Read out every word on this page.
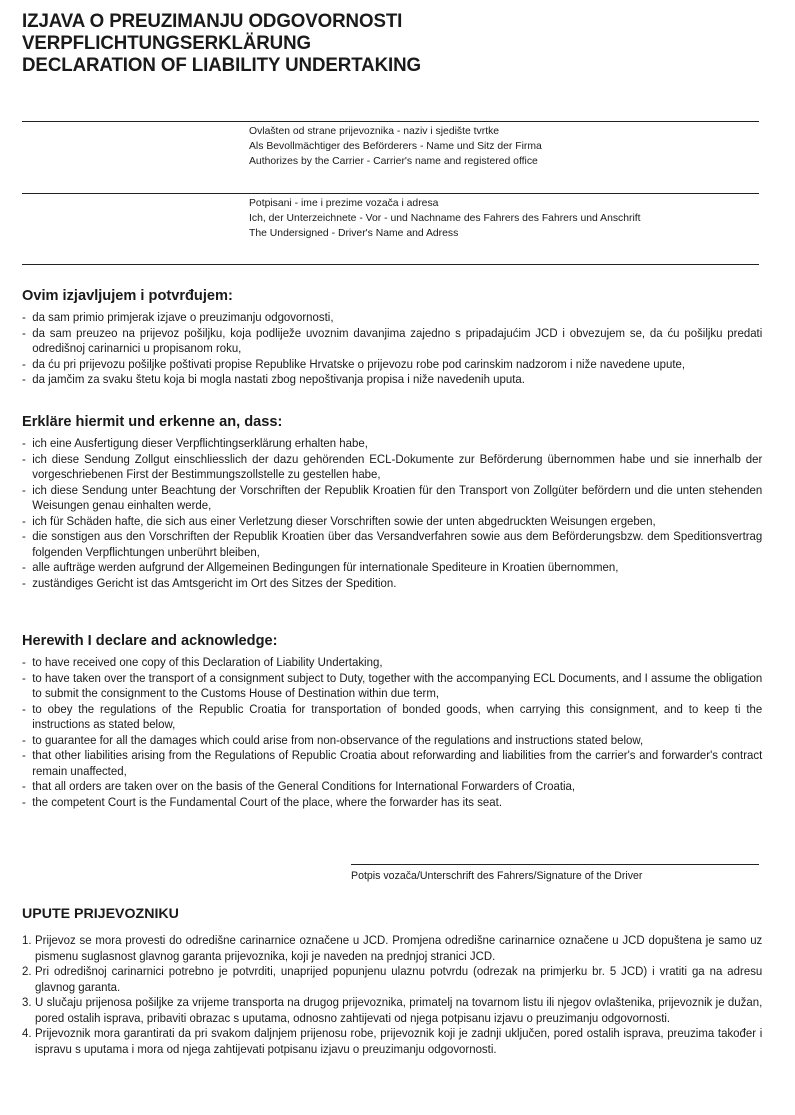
IZJAVA O PREUZIMANJU ODGOVORNOSTI
VERPFLICHTUNGSERKLÄRUNG
DECLARATION OF LIABILITY UNDERTAKING
Ovlašten od strane prijevoznika - naziv i sjedište tvrtke
Als Bevollmächtiger des Beförderers - Name und Sitz der Firma
Authorizes by the Carrier - Carrier's name and registered office
Potpisani - ime i prezime vozača i adresa
Ich, der Unterzeichnete - Vor - und Nachname des Fahrers des Fahrers und Anschrift
The Undersigned - Driver's Name and Adress
Ovim izjavljujem i potvrđujem:
- da sam primio primjerak izjave o preuzimanju odgovornosti,
- da sam preuzeo na prijevoz pošiljku, koja podliježe uvoznim davanjima zajedno s pripadajućim JCD i obvezujem se, da ću pošiljku predati odredišnoj carinarnici u propisanom roku,
- da ću pri prijevozu pošiljke poštivati propise Republike Hrvatske o prijevozu robe pod carinskim nadzorom i niže navedene upute,
- da jamčim za svaku štetu koja bi mogla nastati zbog nepoštivanja propisa i niže navedenih uputa.
Erkläre hiermit und erkenne an, dass:
- ich eine Ausfertigung dieser Verpflichtingserklärung erhalten habe,
- ich diese Sendung Zollgut einschliesslich der dazu gehörenden ECL-Dokumente zur Beförderung übernommen habe und sie innerhalb der vorgeschriebenen First der Bestimmungszollstelle zu gestellen habe,
- ich diese Sendung unter Beachtung der Vorschriften der Republik Kroatien für den Transport von Zollgüter befördern und die unten stehenden Weisungen genau einhalten werde,
- ich für Schäden hafte, die sich aus einer Verletzung dieser Vorschriften sowie der unten abgedruckten Weisungen ergeben,
- die sonstigen aus den Vorschriften der Republik Kroatien über das Versandverfahren sowie aus dem Beförderungsbzw. dem Speditionsvertrag folgenden Verpflichtungen unberührt bleiben,
- alle aufträge werden aufgrund der Allgemeinen Bedingungen für internationale Spediteure in Kroatien übernommen,
- zuständiges Gericht ist das Amtsgericht im Ort des Sitzes der Spedition.
Herewith I declare and acknowledge:
- to have received one copy of this Declaration of Liability Undertaking,
- to have taken over the transport of a consignment subject to Duty, together with the accompanying ECL Documents, and I assume the obligation to submit the consignment to the Customs House of Destination within due term,
- to obey the regulations of the Republic Croatia for transportation of bonded goods, when carrying this consignment, and to keep ti the instructions as stated below,
- to guarantee for all the damages which could arise from non-observance of the regulations and instructions stated below,
- that other liabilities arising from the Regulations of Republic Croatia about reforwarding and liabilities from the carrier's and forwarder's contract remain unaffected,
- that all orders are taken over on the basis of the General Conditions for International Forwarders of Croatia,
- the competent Court is the Fundamental Court of the place, where the forwarder has its seat.
Potpis vozača/Unterschrift des Fahrers/Signature of the Driver
UPUTE PRIJEVOZNIKU
1. Prijevoz se mora provesti do odredišne carinarnice označene u JCD. Promjena odredišne carinarnice označene u JCD dopuštena je samo uz pismenu suglasnost glavnog garanta prijevoznika, koji je naveden na prednjoj stranici JCD.
2. Pri odredišnoj carinarnici potrebno je potvrditi, unaprijed popunjenu ulaznu potvrdu (odrezak na primjerku br. 5 JCD) i vratiti ga na adresu glavnog garanta.
3. U slučaju prijenosa pošiljke za vrijeme transporta na drugog prijevoznika, primatelj na tovarnom listu ili njegov ovlaštenika, prijevoznik je dužan, pored ostalih isprava, pribaviti obrazac s uputama, odnosno zahtijevati od njega potpisanu izjavu o preuzimanju odgovornosti.
4. Prijevoznik mora garantirati da pri svakom daljnjem prijenosu robe, prijevoznik koji je zadnji uključen, pored ostalih isprava, preuzima također i ispravu s uputama i mora od njega zahtijevati potpisanu izjavu o preuzimanju odgovornosti.
